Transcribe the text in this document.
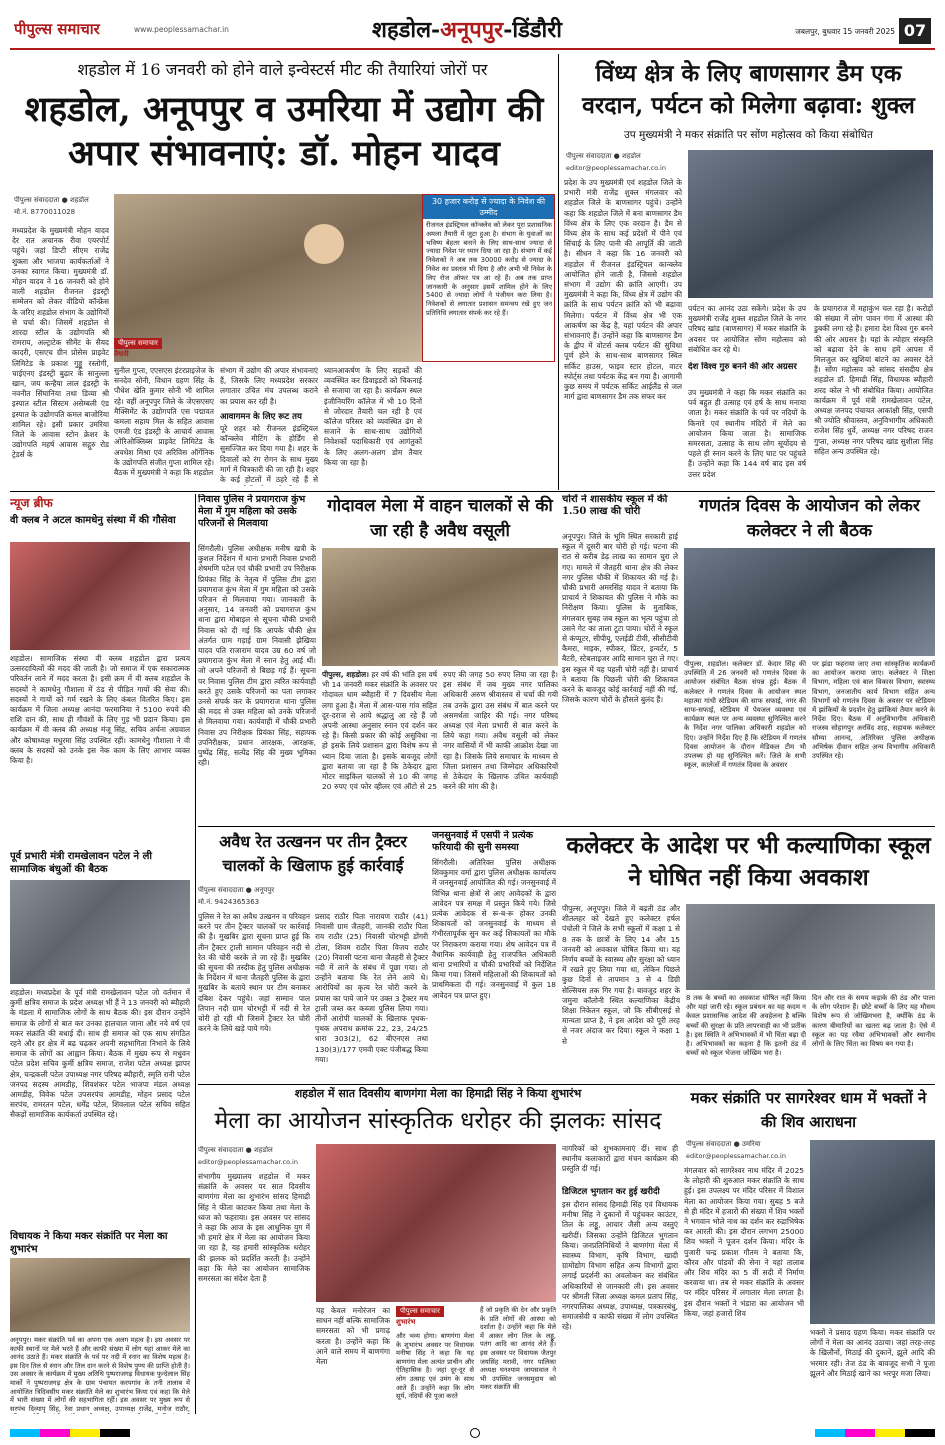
पीपुल्स समाचार	www.peoplessamachar.in	शहडोल-अनूपपुर-डिंडौरी	जबलपुर, बुधवार 15 जनवरी 2025 07
शहडोल में 16 जनवरी को होने वाले इन्वेस्टर्स मीट की तैयारियां जोरों पर
शहडोल, अनूपपुर व उमरिया में उद्योग की अपार संभावनाएं: डॉ. मोहन यादव
पीपुल्स संवाददाता ● शहडोल
मो.नं. 8770011028
30 हजार करोड़ से ज्यादा के निवेश की उम्मीद
रीजनल इंडस्ट्रियल कॉन्क्लेव को लेकर पूरा प्रशासनिक अमला तैयारी में जुटा हुआ है। संभाग के युवाओं का भविष्य बेहतर बनाने के लिए साथ-साथ ज्यादा से ज्यादा निवेश पर ध्यान दिया जा रहा है। संभाग में कई निवेशकों ने अब तक 30000 करोड़ से ज्यादा के निवेश का प्रस्ताव भी दिया है और अभी भी निवेश के लिए रोज ऑफर पत्र आ रहे हैं। अब तक प्राप्त जानकारी के अनुसार इसमें शामिल होने के लिए 5400 से ज्यादा लोगों ने पंजीयन करा लिया है। निवेशकों से लगातार प्रशासन समन्वय रखे हुए जन प्रतिनिधि लगातार संपर्क कर रहे हैं।
मध्यप्रदेश के मुख्यमंत्री मोहन यादव देर रात अचानक रीवा एयरपोर्ट पहुंचे। जहां डिप्टी सीएम राजेंद्र शुक्ला और भाजपा कार्यकर्ताओं ने उनका स्वागत किया। मुख्यमंत्री डॉ. मोहन यादव ने 16 जनवरी को होने वाली शहडोल रीजनल इंडस्ट्री सम्मेलन को लेकर वीडियो कॉन्फ्रेंस के जरिए शहडोल संभाग के उद्योगियों से चर्चा की। जिसमें शहडोल से शारदा स्टील के उद्योगपति श्री रामराय, अल्ट्राटेक सीमेंट के सैयद कादरी, एसएच ग्रीन प्रोसेस प्राइवेट लिमिटेड के प्रकाश गुड्डू रस्तोगी, चाईएनए इंडस्ट्री बुढ़ार के सानुल्ला खान, जय कन्हैया लाल इंडस्ट्री के नवनीत सिंघानिया तथा डिव्या श्री इस्पात स्टील सिस्टम असेम्बली एंड इस्पात के उद्योगपति कमल बाजोरिया शामिल रहे। इसी प्रकार उमरिया जिले के आवास स्टोन क्रेशर के उद्योगपति महर्ष आवास सद्गुरु रोड ट्रेडर्स के
पीपुल्स समाचार
तैयारी
सुनील गुप्ता, एएसएस इंटरप्राइजेज के सनदेव सोनी, विधान ग्रहण सिंह के पौधेश खेति कुमार सोनी भी शामिल रहे। वहीं अनूपपुर जिले के जेएसएसए मैक्सिमेंट के उद्योगपति एस पद्मावत कमला सहाय मिल के सहित आवास एमजी एंड इंडस्ट्री के आचार्य आवास ओरिओक्लिब्स प्राइवेट लिमिटेड के अवधेश मिश्रा एवं अरिविस ऑर्गेनिक के उद्योगपति संजीत गुप्ता शामिल रहे। बैठक में मुख्यमंत्री ने कहा कि शहडोल
संभाग में उद्योग की अपार संभावनाएं हैं, जिसके लिए मध्यप्रदेश सरकार लगातार उचित मंच उपलब्ध कराने का प्रयास कर रही है।
आवागमन के लिए रूट तय
पूरे शहर को रीजनल इंडस्ट्रियल कॉन्क्लेव मीटिंग के होर्डिंग से सुसज्जित कर दिया गया है। शहर के दिवालों को रंग रोगन के साथ मुख्य मार्ग में चित्रकारी की जा रही है। शहर के कई होटलों में ठहरे रहे हैं से
ध्यानआकर्षण के लिए सड़कों की व्यवस्थित कर डिवाइडरों को चिकनाई से सजाया जा रहा है। कार्यक्रम स्थल इंजीनियरिंग कॉलेज में भी 10 दिनों से जोरदार तैयारी चल रही है एवं कॉलेज परिसर को व्यवस्थित ढंग से सजाने के साथ-साथ उद्योगियों निवेशकों पदाधिकारी एवं आगंतुकों के लिए अलग-अलग डोम तैयार किया जा रहा है।
विंध्य क्षेत्र के लिए बाणसागर डैम एक वरदान, पर्यटन को मिलेगा बढ़ावा: शुक्ल
उप मुख्यमंत्री ने मकर संक्रांति पर सोंण महोत्सव को किया संबोधित
पीपुल्स संवाददाता ● शहडोल
editor@peoplessamachar.co.in
प्रदेश के उप मुख्यमंत्री एवं शहडोल जिले के प्रभारी मंत्री राजेंद्र शुक्ल मंगलवार को शहडोल जिले के बाणसागर पहुंचे। उन्होंने कहा कि शहडोल जिले में बना बाणसागर डैम विंध्य क्षेत्र के लिए एक वरदान है। डैम से विंध्य क्षेत्र के साथ कई प्रदेशों में पीने एवं सिंचाई के लिए पानी की आपूर्ति की जाती है। सीधन ने कहा कि 16 जनवरी को शहडोल में रीजनल इंडस्ट्रियल कान्क्लेव आयोजित होने जाती है, जिससे शहडोल संभाग में उद्योग की क्रांति आएगी। उप मुख्यमंत्री ने कहा कि, विंध्य क्षेत्र में उद्योग की क्रांति के साथ पर्यटन क्रांति को भी बढ़ावा मिलेगा। पर्यटन में विंध्य क्षेत्र भी एक आकर्षण का केंद्र है, यहां पर्यटन की अपार संभावनाएं हैं। उन्होंने कहा कि बाणसागर डैम के द्वीप में वोटर्स क्लब पर्यटन की सुविधा पूर्ण होने के साथ-साथ बाणसागर स्थित सर्किट हाउस, फाइव स्टार होटल, वाटर स्पोर्ट्स तथा पर्यटक केंद्र बन गया है। आगामी कुछ समय में पर्यटक सर्किट आईलैंड से जल मार्ग द्वारा बाणसागर डैम तक सफर कर
पर्यटन का आनंद उठा सकेंगे। प्रदेश के उप मुख्यमंत्री राजेंद्र शुक्ल शहडोल जिले के नगर परिषद खांड (बाणसागर) में मकर संक्रांति के अवसर पर आयोजित सोंण महोत्सव को संबोधित कर रहे थे।
देश विश्व गुरु बनने की ओर अग्रसर
उप मुख्यमंत्री ने कहा कि मकर संक्रांति का पर्व बहुत ही उत्साह एवं हर्ष के साथ मनाया जाता है। मकर संक्रांति के पर्व पर नदियों के किनारे एवं स्थानीय मंदिरों में मेले का आयोजन किया जाता है। सामाजिक समरसता, उत्साह के साथ लोग सूर्योदय से पहले ही स्नान करने के लिए घाट पर पहुंचते हैं। उन्होंने कहा कि 144 वर्ष बाद इस वर्ष उत्तर प्रदेश
के प्रयागराज में महाकुंभ चल रहा है। करोड़ों की संख्या में लोग पावन गंगा में आस्था की डुबकी लगा रहे हैं। हमारा देश विश्व गुरु बनने की ओर अग्रसर है। यहां के त्योहार संस्कृति को बढ़ावा देने के साथ हमें आपस में मिलजुल कर खुशियां बांटने का अवसर देते हैं। सोंण महोत्सव को सांसद संसदीय क्षेत्र शहडोल डॉ. हिमाद्री सिंह, विधायक ब्यौहारी शरद कोल ने भी संबोधित किया। आयोजित कार्यक्रम में पूर्व मंत्री रामखेलावन पटेल, अध्यक्ष जनपद पंचायत आकांक्षी सिंह, एसपी श्री ज्योति श्रीवास्तव, अनुविभागीय अधिकारी राजेश सिंह धुर्वे, अध्यक्ष नगर परिषद राजन गुप्ता, अध्यक्ष नगर परिषद खांड सुशीला सिंह सहित अन्य उपस्थित रहे।
न्यूज ब्रीफ
वी क्लब ने अटल कामधेनु संस्था में की गौसेवा
शहडोल। सामाजिक संस्था वी क्लब शहडोल द्वारा प्रत्यय उत्सरदायित्वों की मदद की जाती है। जो समाज में एक सकारात्मक परिवर्तन लाने में मदद करता है। इसी क्रम में वी क्लब शहडोल के सदस्यों ने कामधेनु गौशाला में ठंड से पीड़ित गायों की सेवा की। सदस्यों ने गायों को गर्म रखने के लिए कंबल वितरित किए। इस कार्यक्रम में जिला अध्यक्ष आनंदा फरमानिया ने 5100 रुपये की राशि दान की, साथ ही गौवंशों के लिए गुड़ भी प्रदान किया। इस कार्यक्रम में वी क्लब की अध्यक्ष मंजू सिंह, सचिव अर्चना अग्रवाल और कोषाध्यक्ष मधुरमा सिंह उपस्थित रहीं। कामधेनु गौशाला ने वी क्लब के सदस्यों को उनके इस नेक काम के लिए आभार व्यक्त किया है।
पूर्व प्रभारी मंत्री रामखेलावन पटेल ने ली सामाजिक बंधुओं की बैठक
शहडोल। मध्यप्रदेश के पूर्व मंत्री रामखेलावन पटेल जो वर्तमान में कुर्मी क्षत्रिय समाज के प्रदेश अध्यक्ष भी हैं ने 13 जनवरी को ब्यौहारी के मंडला में सामाजिक लोगों के साथ बैठक की। इस दौरान उन्होंने समाज के लोगों से बात कर उनका हालचाल जाना और नये वर्ष एवं मकर संक्रांति की बधाई दी। साथ ही समाज को एक साथ संगठित रहने और हर क्षेत्र में बढ़ चढ़कर अपनी सहभागिता निभाने के लिये समाज के लोगों का आह्वान किया। बैठक में मुख्य रूप से मधुवन पटेल प्रदेश सचिव कुर्मी क्षत्रिय समाज, राजेश पटेल अध्यक्ष झापर क्षेत्र, चन्द्रकली पटेल उपाध्यक्ष नगर परिषद ब्यौहारी, स्मृति रानी पटेल जनपद सदस्य आमडीह, शिवशंकर पटेल भाजपा मंडल अध्यक्ष आमडीह, विवेक पटेल उपसरपंच आमडीह, मोहन प्रसाद पटेल सरपंच, रामरतन पटेल, धर्मेंद्र पटेल, शिवलाल पटेल सचिव सहित सैकड़ों सामाजिक कार्यकर्ता उपस्थित रहे।
विधायक ने किया मकर संक्रांति पर मेला का शुभारंभ
अनूपपुर। मकर संक्रांति पर्व का अपना एक अलग महत्व है। इस अवसर पर काफी स्थानों पर मेले भरते हैं और काफी संख्या में लोग यहां आकर मेले का आनंद उठाते हैं। मकर संक्रांति के पर्व पर नदी में स्नान का विशेष महत्व है। इस दिन तिल से स्नान और तिल दान करने से विशेष पुण्य की प्राप्ति होती है। उस अवसर के कार्यक्रम में मुख्य अतिथि पुष्पराजगढ़ विधायक फुन्देलाल सिंह मार्को ने पुष्पराजगढ़ क्षेत्र के ग्राम पंचायत करपगांव के तनी तालाब में आयोजित त्रिदिवसीय मकर संक्रांति मेले का शुभारंभ किया एवं कहा कि मेले में भारी संख्या में लोगों की सहभागिता रहीं। इस अवसर पर मुख्य रूप से सरपंच दिव्यापृ सिंह, रेवा प्रधान अध्यक्ष, उपाध्यक्ष राजेंद्र, मनोज राठौर,
निवास पुलिस ने प्रयागराज कुंभ मेला में गुम महिला को उसके परिजनों से मिलवाया
सिंगरौली। पुलिस अधीक्षक मनीष खत्री के कुशल निर्देशन में थाना प्रभारी निवास प्रभारी शेषमणि पटेल एवं चौकी प्रभारी उप निरीक्षक प्रियंका सिंह के नेतृत्व में पुलिस टीम द्वारा प्रयागराज कुंभ मेला में गुम महिला को उसके परिजन से मिलवाया गया। जानकारी के अनुसार, 14 जनवरी को प्रयागराज कुंभ थाना द्वारा मोबाइल से सूचना चौकी प्रभारी निवास को दी गई कि आपके चौकी क्षेत्र अंतर्गत ग्राम गड़ाई ग्राम निवासी झेखिया यादव पति राजाराम यादव उम्र 60 वर्ष जो प्रयागराज कुंभ मेला में स्नान हेतु आई थीं। जो अपने परिजनों से बिछड़ गई हैं। सूचना पर निवास पुलिस टीम द्वारा त्वरित कार्यवाही करते हुए उसके परिजनों का पता लगाकर उनसे संपर्क कर के प्रयागराज थाना पुलिस की मदद से उक्त महिला को उनके परिजनों से मिलवाया गया। कार्यवाही में चौकी प्रभारी निवास उप निरीक्षक प्रियंका सिंह, सहायक उपनिरीक्षक, प्रधान आरक्षक, आरक्षक, पुष्पेंद्र सिंह, सत्येंद्र सिंह की मुख्य भूमिका रही।
गोदावल मेला में वाहन चालकों से की जा रही है अवैध वसूली
पीपुल्स, शहडोल। हर वर्ष की भांति इस वर्ष भी 14 जनवरी मकर संक्रांति के अवसर पर गोदावल धाम ब्यौहारी में 7 दिवसीय मेला लगा हुआ है। मेला में आस-पास गांव सहित दूर-दराज से आये श्रद्धालु आ रहे हैं जो अपनी आस्था अनुसार स्नान एवं दर्शन कर रहे हैं। किसी प्रकार की कोई असुविधा ना हो इसके लिये प्रशासन द्वारा विशेष रूप से ध्यान दिया जाता है। इसके बावजूद लोगों द्वारा बताया जा रहा है कि ठेकेदार द्वारा मोटर साइकिल चालकों से 10 की जगह 20 रुपए एवं फोर व्हीलर एवं ऑटो से 25 रुपए की जगह 50 रुपए लिया जा रहा है। इस संबंध में जब मुख्य नगर पालिका अधिकारी अरुण श्रीवास्तव से चर्चा की गयी तब उनके द्वारा उस संबंध में बात करने पर असमर्थता जाहिर की गई। नगर परिषद अध्यक्ष एवं मेला प्रभारी से बात करने के लिये कहा गया। अवैध वसूली को लेकर नगर वासियों में भी काफी आक्रोश देखा जा रहा है। जिसके लिये समाचार के माध्यम से जिला प्रशासन तथा जिम्मेदार अधिकारियों से ठेकेदार के खिलाफ उचित कार्यवाही करने की मांग की है।
चोरों ने शासकीय स्कूल में की 1.50 लाख की चोरी
अनूपपुर। जिले के भूमि स्थित सरकारी हाई स्कूल में दूसरी बार चोरी हो गई। घटना की रात से करीब डेढ़ लाख का सामान चुरा ले गए। मामले में जैतहरी थाना क्षेत्र की लेकर नगर पुलिस चौकी में शिकायत की गई है। चौकी प्रभारी अमरसिंह यादव ने बताया कि प्राचार्य ने शिकायत की पुलिस ने मौके का निरीक्षण किया। पुलिस के मुताबिक, मंगलवार सुबह जब स्कूल का भृत्य पहुंचा तो उसने गेट का ताला टूटा पाया। चोरों ने स्कूल से कंप्यूटर, सीपीयू, एलईडी टीवी, सीसीटीवी कैमरा, माइक, स्पीकर, प्रिंटर, इन्वर्टर, 5 बैटरी, स्टेबलाइजर आदि सामान चुरा ले गए। इस स्कूल में यह पहली चोरी नहीं है। प्राचार्य ने बताया कि पिछली चोरी की शिकायत करने के बावजूद कोई कार्रवाई नहीं की गई, जिसके कारण चोरों के हौसले बुलंद हैं।
गणतंत्र दिवस के आयोजन को लेकर कलेक्टर ने ली बैठक
पीपुल्स, शहडोल। कलेक्टर डॉ. केदार सिंह की उपस्थिति में 26 जनवरी को गणतंत्र दिवस के आयोजन संबंधित बैठक संपन्न हुई। बैठक में कलेक्टर ने गणतंत्र दिवस के आयोजन स्थल महात्मा गांधी स्टेडियम की साफ सफाई, नगर की साफ-सफाई, स्टेडियम में पेयजल व्यवस्था एवं कार्यक्रम स्थल पर अन्य व्यवस्था सुनिश्चित करने के निर्देश नगर पालिका अधिकारी शहडोल को दिए। उन्होंने निर्देश दिए हैं कि स्टेडियम में गणतंत्र दिवस आयोजन के दौरान मेडिकल टीम भी उपलब्ध हो यह सुनिश्चित करें। जिले के सभी स्कूल, कालेजों में गणतंत्र दिवस के अवसर
पर झंडा फहराया जाए तथा सांस्कृतिक कार्यक्रमों का आयोजन कराया जाए। कलेक्टर ने शिक्षा विभाग, महिला एवं बाल विकास विभाग, स्वास्थ्य विभाग, जनजातीय कार्य विभाग सहित अन्य विभागों को गणतंत्र दिवस के अवसर पर स्टेडियम में झांकियों के प्रदर्शन हेतु झांकियां तैयार करने के निर्देश दिए। बैठक में अनुविभागीय अधिकारी राजस्व सोहागपुर अरविंद शाह, सहायक कलेक्टर सौम्या आनन्द, अतिरिक्त पुलिस अधीक्षक अभिषेक दीवान सहित अन्य विभागीय अधिकारी उपस्थित रहे।
अवैध रेत उत्खनन पर तीन ट्रैक्टर चालकों के खिलाफ हुई कार्रवाई
पीपुल्स संवाददाता ● अनूपपुर
मो.नं. 9424365363
पुलिस ने रेत का अवैध उत्खनन व परिवहन करने पर तीन ट्रैक्टर चालकों पर कार्रवाई की है। मुखबिर द्वारा सूचना प्राप्त हुई कि तीन ट्रैक्टर ट्राली सामान परिवहन नदी से रेत की चोरी करके ले जा रहे हैं। मुखबिर की सूचना की तस्दीक हेतु पुलिस अधीक्षक के निर्देशन में थाना जैतहरी पुलिस के द्वारा मुखबिर के बताये स्थान पर टीम बनाकर दबिश देकर पहुंचे। जहां सम्मान पाल तिपान नदी ग्राम चोरभट्टी में नदी से रेत चोरी हो रही थी जिसमें ट्रैक्टर रेत चोरी करने के लिये खड़े पाये गये।
प्रसाद राठौर पिता नारायण राठौर (41) निवासी ग्राम जैतहरी, जानकी राठौर पिता राय राठौर (25) निवासी चोरभट्टी डोंगरी टोला, शिवम राठौर पिता विजय राठौर (20) निवासी पटना थाना जैतहरी से ट्रैक्टर नदी में लाने के संबंध में पूछा गया। तो उन्होंने बताया कि रेत लेने आये थे। आरोपियों का कृत्य रेत चोरी करने के प्रयास का पाये जाने पर उक्त 3 ट्रैक्टर मय ट्राली जब्त कर कब्जा पुलिस लिया गया। तीनों आरोपी चालकों के खिलाफ पृथक-पृथक अपराध क्रमांक 22, 23, 24/25 धारा 303(2), 62 बीएनएस तथा 130(3)/177 एमवी एक्ट पंजीबद्ध किया गया।
जनसुनवाई में एसपी ने प्रत्येक फरियादी की सुनी समस्या
सिंगरौली। अतिरिक्त पुलिस अधीक्षक शिवकुमार वर्मा द्वारा पुलिस अधीक्षक कार्यालय में जनसुनवाई आयोजित की गई। जनसुनवाई में विभिन्न थाना क्षेत्रों से आए आवेदकों के द्वारा आवेदन पत्र समक्ष में प्रस्तुत किये गये। जिसे प्रत्येक आवेदक से रू-ब-रू होकर उनकी शिकायतों को जनसुनवाई के माध्यम से गंभीरतापूर्वक सुन कर कई शिकायतों का मौके पर निराकरण कराया गया। शेष आवेदन पत्र में वैधानिक कार्यवाही हेतु राजपत्रित अधिकारी थाना प्रभारियों व चौकी प्रभारियों को निर्देशित किया गया। जिसमें महिलाओं की शिकायतों को प्राथमिकता दी गई। जनसुनवाई में कुल 18 आवेदन पत्र प्राप्त हुए।
कलेक्टर के आदेश पर भी कल्याणिका स्कूल ने घोषित नहीं किया अवकाश
पीपुल्स, अनूपपुर। जिले में बढ़ती ठंड और शीतलहर को देखते हुए कलेक्टर हर्षल पंचोली ने जिले के सभी स्कूलों में कक्षा 1 से 8 तक के छात्रों के लिए 14 और 15 जनवरी को अवकाश घोषित किया था। यह निर्णय बच्चों के स्वास्थ्य और सुरक्षा को ध्यान में रखते हुए लिया गया था, लेकिन पिछले कुछ दिनों से तापमान 3 से 4 डिग्री सेल्सियस तक गिर गया है। बावजूद शहर के जमुना कॉलोनी स्थित कल्याणिका केंद्रीय शिक्षा निकेतन स्कूल, जो कि सीबीएसई से मान्यता प्राप्त है, ने इस आदेश को पूरी तरह से नजर अंदाज कर दिया। स्कूल ने कक्षा 1 से
8 तक के बच्चों का अवकाश घोषित नहीं किया और यहां जारी रहे। स्कूल प्रबंधन का यह कदम न केवल प्रशासनिक आदेश की अवहेलना है बल्कि बच्चों की सुरक्षा के प्रति लापरवाही का भी प्रतीक है। इस स्थिति ने अभिभावकों में भी चिंता बढ़ा दी है। अभिभावकों का कहना है कि इतनी ठंड में बच्चों को स्कूल भेजना जोखिम भरा है।
दिन और रात के समय कड़ाके की ठंड और पाला के लोग परेशान हैं। छोटे बच्चों के लिए यह मौसम विशेष रूप से जोखिमभरा है, क्योंकि ठंड के कारण बीमारियों का खतरा बढ़ जाता है। ऐसे में स्कूल का यह रवैया अभिभावकों और स्थानीय लोगों के लिए चिंता का विषय बन गया है।
शहडोल में सात दिवसीय बाणगंगा मेला का हिमाद्री सिंह ने किया शुभारंभ
मेला का आयोजन सांस्कृतिक धरोहर की झलकः सांसद
पीपुल्स संवाददाता ● शहडोल
editor@peoplessamachar.co.in
संभागीय मुख्यालय शहडोल में मकर संक्रांति के अवसर पर सात दिवसीय बाणगंगा मेला का शुभारंभ सांसद हिमाद्री सिंह ने फीता काटकर किया तथा मेला के ध्वज को फहराया। इस अवसर पर सांसद ने कहा कि आज के इस आधुनिक युग में भी हमारे क्षेत्र में मेला का आयोजन किया जा रहा है, यह हमारी सांस्कृतिक धरोहर की झलक को प्रदर्शित करती है। उन्होंने कहा कि मेले का आयोजन सामाजिक समरसता का संदेश देता है
यह केवल मनोरंजन का साधन नहीं बल्कि सामाजिक समरसता को भी प्रगाढ़ करता है। उन्होंने कहा कि आने वाले समय में बाणगंगा मेला
पीपुल्स समाचार
शुभारंभ
और भव्य होगा। बाणगंगा मेला के शुभारंभ अवसर पर विधायक मनीषा सिंह ने कहा कि यह बाणगंगा मेला अत्यंत प्राचीन और ऐतिहासिक है। जहां दूर-दूर से लोग उत्साह एवं उमंग के साथ आते हैं। उन्होंने कहा कि लोग सूर्य, नदियों की पूजा करते
हैं जो प्रकृति की देन और प्रकृति के प्रति लोगों की आस्था को दर्शाता है। उन्होंने कहा कि मेले में आकर लोग तिल के लड्डू, पतंग आदि का आनंद लेते हैं। इस अवसर पर विधायक जैतपुर जयसिंह मरावी, नगर पालिका अध्यक्ष घनश्याम जायसवाल ने भी उपस्थित जनसमुदाय को मकर संक्रांति की
नागरिकों को शुभकामनाएं दीं। साथ ही स्थानीय कलाकारों द्वारा मंचन कार्यक्रम की प्रस्तुति दी गई।
डिजिटल भुगतान कर हुई खरीदी
इस दौरान सांसद हिमाद्री सिंह एवं विधायक मनीषा सिंह ने दुकानों में पहुंचकर काउंटर, तिल के लड्डू, आचार जैसी अन्य वस्तुएं खरीदीं। जिसका उन्होंने डिजिटल भुगतान किया। जनप्रतिनिधियों ने बाणगंगा मेला में स्वास्थ्य विभाग, कृषि विभाग, खादी ग्रामोद्योग विभाग सहित अन्य विभागों द्वारा लगाई प्रदर्शनी का अवलोकन कर संबंधित अधिकारियों से जानकारी ली। इस अवसर पर श्रीमती जिला अध्यक्ष कमल प्रताप सिंह, नगरपालिका अध्यक्ष, उपाध्यक्ष, पत्रकारबंधु, समाजसेवी व काफी संख्या में लोग उपस्थित रहे।
मकर संक्रांति पर सागरेश्वर धाम में भक्तों ने की शिव आराधना
पीपुल्स संवाददाता ● उमरिया
editor@peoplessamachar.co.in
मंगलवार को सागरेश्वर नाथ मंदिर में 2025 के लोहारी की शुरुआत मकर संक्रांति के साथ हुई। इस उपलक्ष्य पर मंदिर परिसर में विशाल मेला का आयोजन किया गया। सुबह 5 बजे से ही मंदिर में हजारों की संख्या में शिव भक्तों ने भगवान भोले नाथ का दर्शन कर रुद्राभिषेक कर आरती की। इस दौरान लगभग 25000 शिव भक्तों ने पूजन दर्शन किया। मंदिर के पुजारी चन्द्र प्रकाश गौतम ने बताया कि, कौरव और पांडवों की सेना ने यहां तालाब और शिव मंदिर का 5 वीं सदी में निर्माण करवाया था। तब से मकर संक्रांति के अवसर पर मंदिर परिसर में लगातार मेला लगता है। इस दौरान भक्तों ने भंडारा का आयोजन भी किया, जहां हजारों शिव
भक्तों ने प्रसाद ग्रहण किया। मकर संक्रांति पर लोगों ने मेला का आनंद उठाया। जहां तरह-तरह के खिलौनों, मिठाई की दुकानें, झूले आदि की भरमार रही। तेज ठंड के बावजूद सभी ने पूजा झूलने और मिठाई खाने का भरपूर मजा लिया।
